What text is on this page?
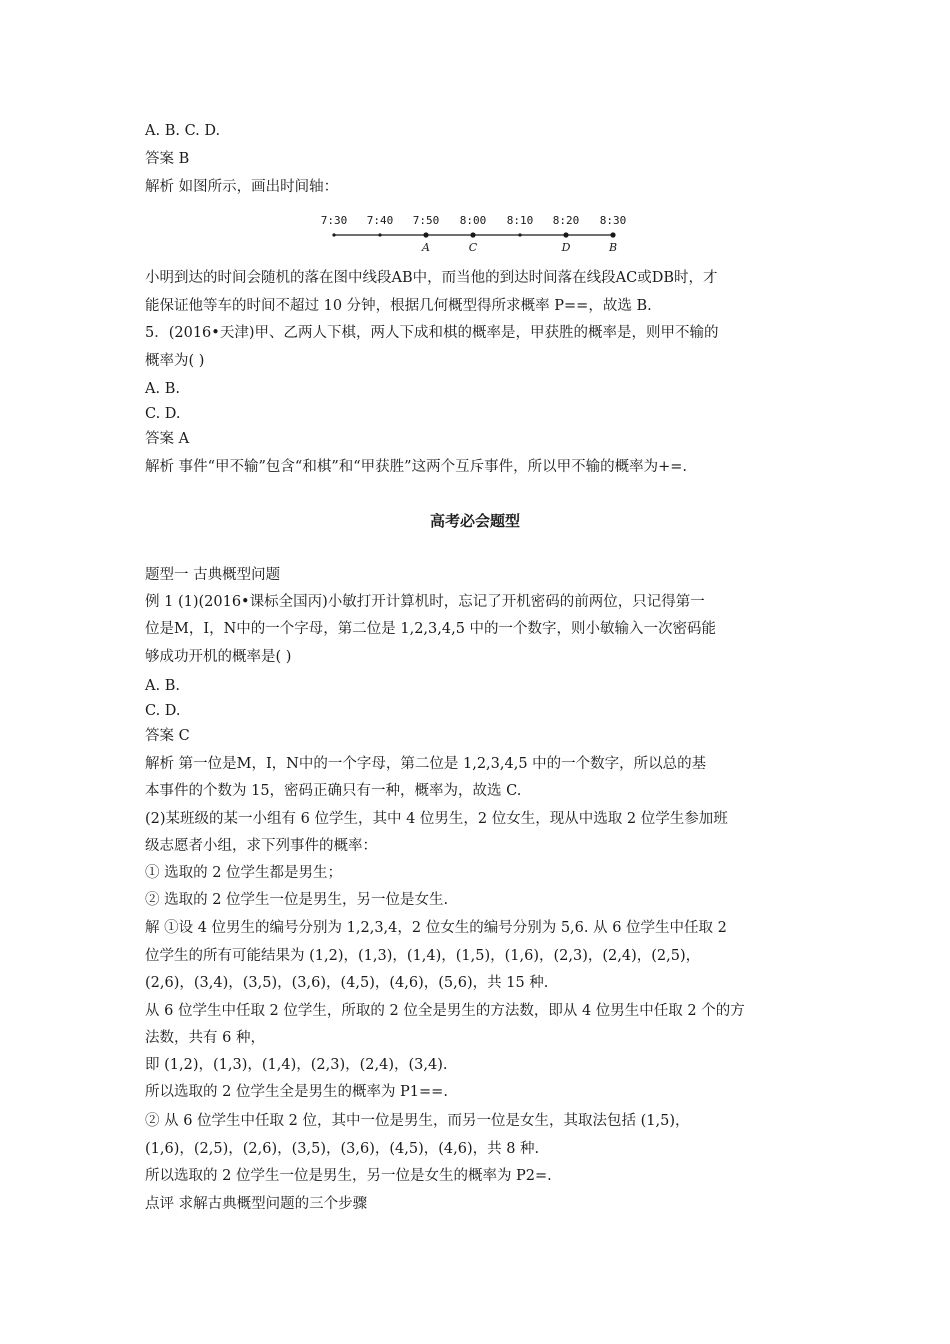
A. B. C. D.

答案 B

解析 如图所示，画出时间轴：

7:30 7:40 7:50 8:00 8:10 8:20 8:30
A	C	D	B

小明到达的时间会随机的落在图中线段AB中，而当他的到达时间落在线段AC或DB时，才

能保证他等车的时间不超过 10 分钟，根据几何概型得所求概率 P==，故选 B.

5．(2016•天津)甲、乙两人下棋，两人下成和棋的概率是，甲获胜的概率是，则甲不输的

概率为( )

A. B.

C. D.

答案 A

解析 事件“甲不输”包含“和棋”和“甲获胜”这两个互斥事件，所以甲不输的概率为+=.

高考必会题型

题型一 古典概型问题

例 1 (1)(2016•课标全国丙)小敏打开计算机时，忘记了开机密码的前两位，只记得第一

位是M，I，N中的一个字母，第二位是 1,2,3,4,5 中的一个数字，则小敏输入一次密码能

够成功开机的概率是( )

A. B.

C. D.

答案 C

解析 第一位是M，I，N中的一个字母，第二位是 1,2,3,4,5 中的一个数字，所以总的基

本事件的个数为 15，密码正确只有一种，概率为，故选 C.

(2)某班级的某一小组有 6 位学生，其中 4 位男生，2 位女生，现从中选取 2 位学生参加班

级志愿者小组，求下列事件的概率：

① 选取的 2 位学生都是男生；

② 选取的 2 位学生一位是男生，另一位是女生.

解 ①设 4 位男生的编号分别为 1,2,3,4，2 位女生的编号分别为 5,6. 从 6 位学生中任取 2

位学生的所有可能结果为 (1,2)，(1,3)，(1,4)，(1,5)，(1,6)，(2,3)，(2,4)，(2,5)，

(2,6)，(3,4)，(3,5)，(3,6)，(4,5)，(4,6)，(5,6)，共 15 种.

从 6 位学生中任取 2 位学生，所取的 2 位全是男生的方法数，即从 4 位男生中任取 2 个的方

法数，共有 6 种，

即 (1,2)，(1,3)，(1,4)，(2,3)，(2,4)，(3,4).

所以选取的 2 位学生全是男生的概率为 P1==.

② 从 6 位学生中任取 2 位，其中一位是男生，而另一位是女生，其取法包括 (1,5)，

(1,6)，(2,5)，(2,6)，(3,5)，(3,6)，(4,5)，(4,6)，共 8 种.

所以选取的 2 位学生一位是男生，另一位是女生的概率为 P2=.

点评 求解古典概型问题的三个步骤
